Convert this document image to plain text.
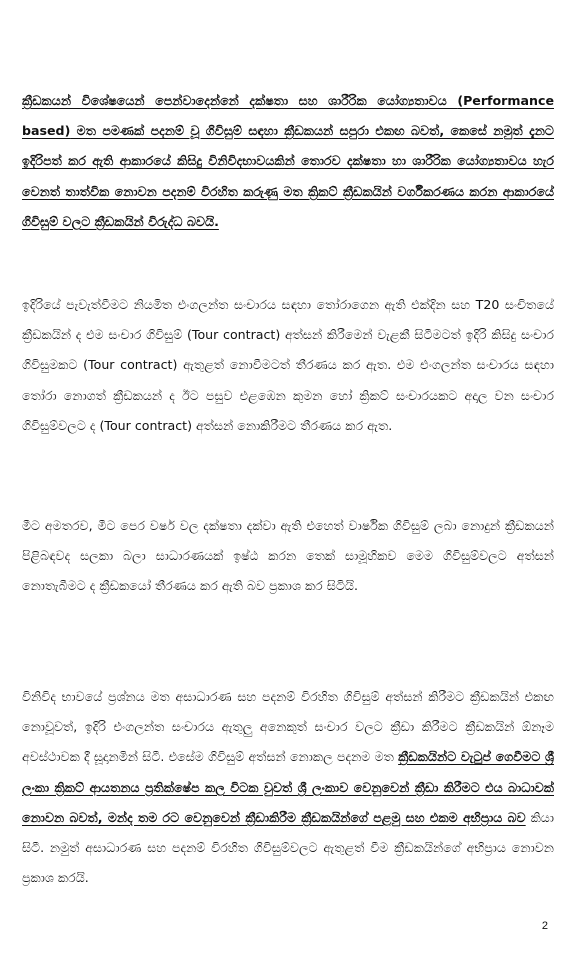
ක්‍රීඩකයන් විශේෂයෙන් පෙන්වාදෙන්නේ දක්ෂතා සහ ශාරීරික යෝග්‍යතාවය (Performance based) මත පමණක් පදනම් වූ ගිවිසුම් සඳහා ක්‍රීඩකයන් සපුරා එකඟ බවත්, කෙසේ නමුත් දැනට ඉදිරිපත් කර ඇති ආකාරයේ කිසිදු විනිවිදභාවයකින් තොරව දක්ෂතා හා ශාරීරික යෝග්‍යතාවය හැර වෙනත් තාත්වික නොවන පදනම් විරහිත කරුණු මත ක්‍රිකට් ක්‍රීඩකයින් වර්ගීකරණය කරන ආකාරයේ ගිවිසුම් වලට ක්‍රීඩකයින් විරුද්ධ බවයි.

ඉදිරියේ පැවැත්වීමට නියමිත එංගලන්ත සංචාරය සඳහා තෝරාගෙන ඇති එක්දින සහ T20 සංචිතයේ ක්‍රීඩකයින් ද එම සංචාර ගිවිසුම් (Tour contract) අත්සන් කිරීමෙන් වැළකී සිටීමටත් ඉදිරි කිසිදු සංචාර ගිවිසුමකට (Tour contract) ඇතුළත් නොවීමටත් තීරණය කර ඇත. එම එංගලන්ත සංචාරය සඳහා තෝරා නොගත් ක්‍රීඩකයන් ද ඊට පසුව එළඹෙන කුමන හෝ ක්‍රිකට් සංචාරයකට අදාල වන සංචාර ගිවිසුම්වලට ද (Tour contract) අත්සන් නොකිරීමට තීරණය කර ඇත.

මීට අමතරව, මීට පෙර වර්ෂ වල දක්ෂතා දක්වා ඇති එහෙත් වාර්ෂික ගිවිසුම් ලබා නොදුන් ක්‍රීඩකයන් පිළිබඳවද සලකා බලා සාධාරණයක් ඉෂ්ඨ කරන තෙක් සාමූහිකව මෙම ගිවිසුම්වලට අත්සන් නොතැබීමට ද ක්‍රීඩකයෝ තීරණය කර ඇති බව ප්‍රකාශ කර සිටියි.

විනිවිද භාවයේ ප්‍රශ්නය මත අසාධාරණ සහ පදනම් විරහිත ගිවිසුම් අත්සන් කිරීමට ක්‍රීඩකයින් එකඟ නොවූවත්, ඉදිරි එංගලන්ත සංචාරය ඇතුලු අනෙකුත් සංචාර වලට ක්‍රීඩා කිරීමට ක්‍රීඩකයින් ඕනෑම අවස්ථාවක දී සූදානමින් සිටී. එසේම ගිවිසුම් අත්සන් නොකල පදනම මත ක්‍රීඩකයින්ට වැටුප් ගෙවීමට ශ්‍රී ලංකා ක්‍රිකට් ආයතනය ප්‍රතික්ෂේප කල විටක වුවත් ශ්‍රී ලංකාව වෙනුවෙන් ක්‍රීඩා කිරීමට එය බාධාවක් නොවන බවත්, මන්ද තම රට වෙනුවෙන් ක්‍රීඩාකිරීම ක්‍රීඩකයින්ගේ පළමු සහ එකම අභිප්‍රාය බව කියා සිටී. නමුත් අසාධාරණ සහ පදනම් විරහිත ගිවිසුම්වලට ඇතුළත් වීම ක්‍රීඩකයින්ගේ අභිප්‍රාය නොවන ප්‍රකාශ කරයි.

2
